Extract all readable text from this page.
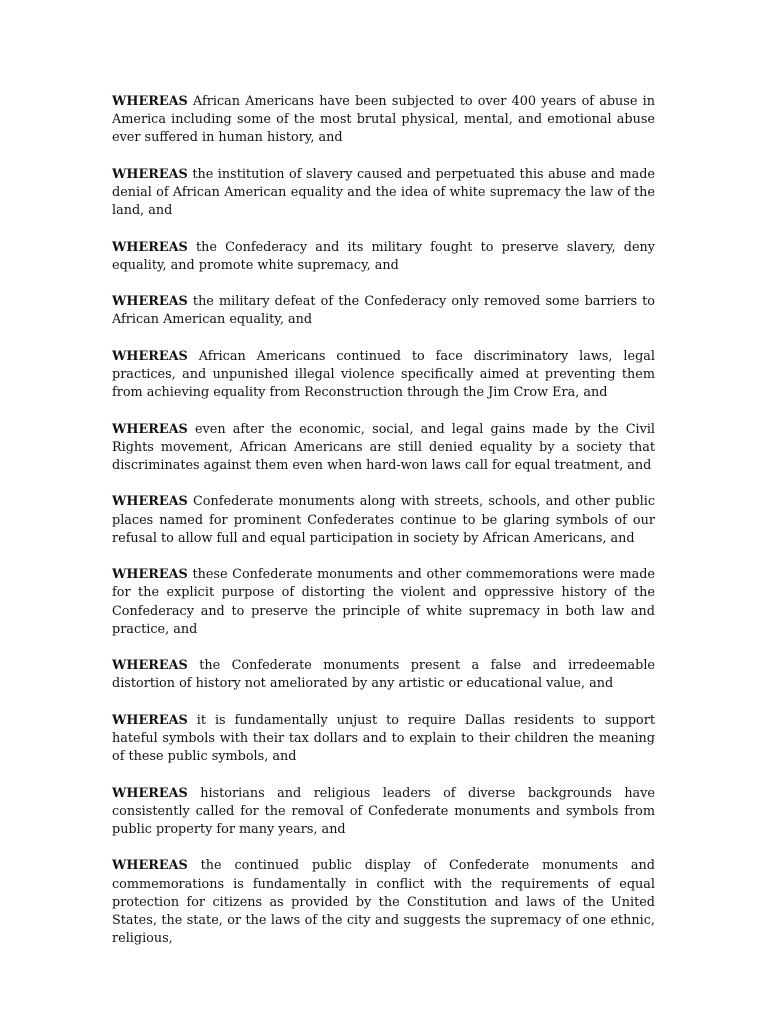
WHEREAS African Americans have been subjected to over 400 years of abuse in America including some of the most brutal physical, mental, and emotional abuse ever suffered in human history, and

WHEREAS the institution of slavery caused and perpetuated this abuse and made denial of African American equality and the idea of white supremacy the law of the land, and

WHEREAS the Confederacy and its military fought to preserve slavery, deny equality, and promote white supremacy, and

WHEREAS the military defeat of the Confederacy only removed some barriers to African American equality, and

WHEREAS African Americans continued to face discriminatory laws, legal practices, and unpunished illegal violence specifically aimed at preventing them from achieving equality from Reconstruction through the Jim Crow Era, and

WHEREAS even after the economic, social, and legal gains made by the Civil Rights movement, African Americans are still denied equality by a society that discriminates against them even when hard-won laws call for equal treatment, and

WHEREAS Confederate monuments along with streets, schools, and other public places named for prominent Confederates continue to be glaring symbols of our refusal to allow full and equal participation in society by African Americans, and

WHEREAS these Confederate monuments and other commemorations were made for the explicit purpose of distorting the violent and oppressive history of the Confederacy and to preserve the principle of white supremacy in both law and practice, and

WHEREAS the Confederate monuments present a false and irredeemable distortion of history not ameliorated by any artistic or educational value, and

WHEREAS it is fundamentally unjust to require Dallas residents to support hateful symbols with their tax dollars and to explain to their children the meaning of these public symbols, and

WHEREAS historians and religious leaders of diverse backgrounds have consistently called for the removal of Confederate monuments and symbols from public property for many years, and

WHEREAS the continued public display of Confederate monuments and commemorations is fundamentally in conflict with the requirements of equal protection for citizens as provided by the Constitution and laws of the United States, the state, or the laws of the city and suggests the supremacy of one ethnic, religious,
